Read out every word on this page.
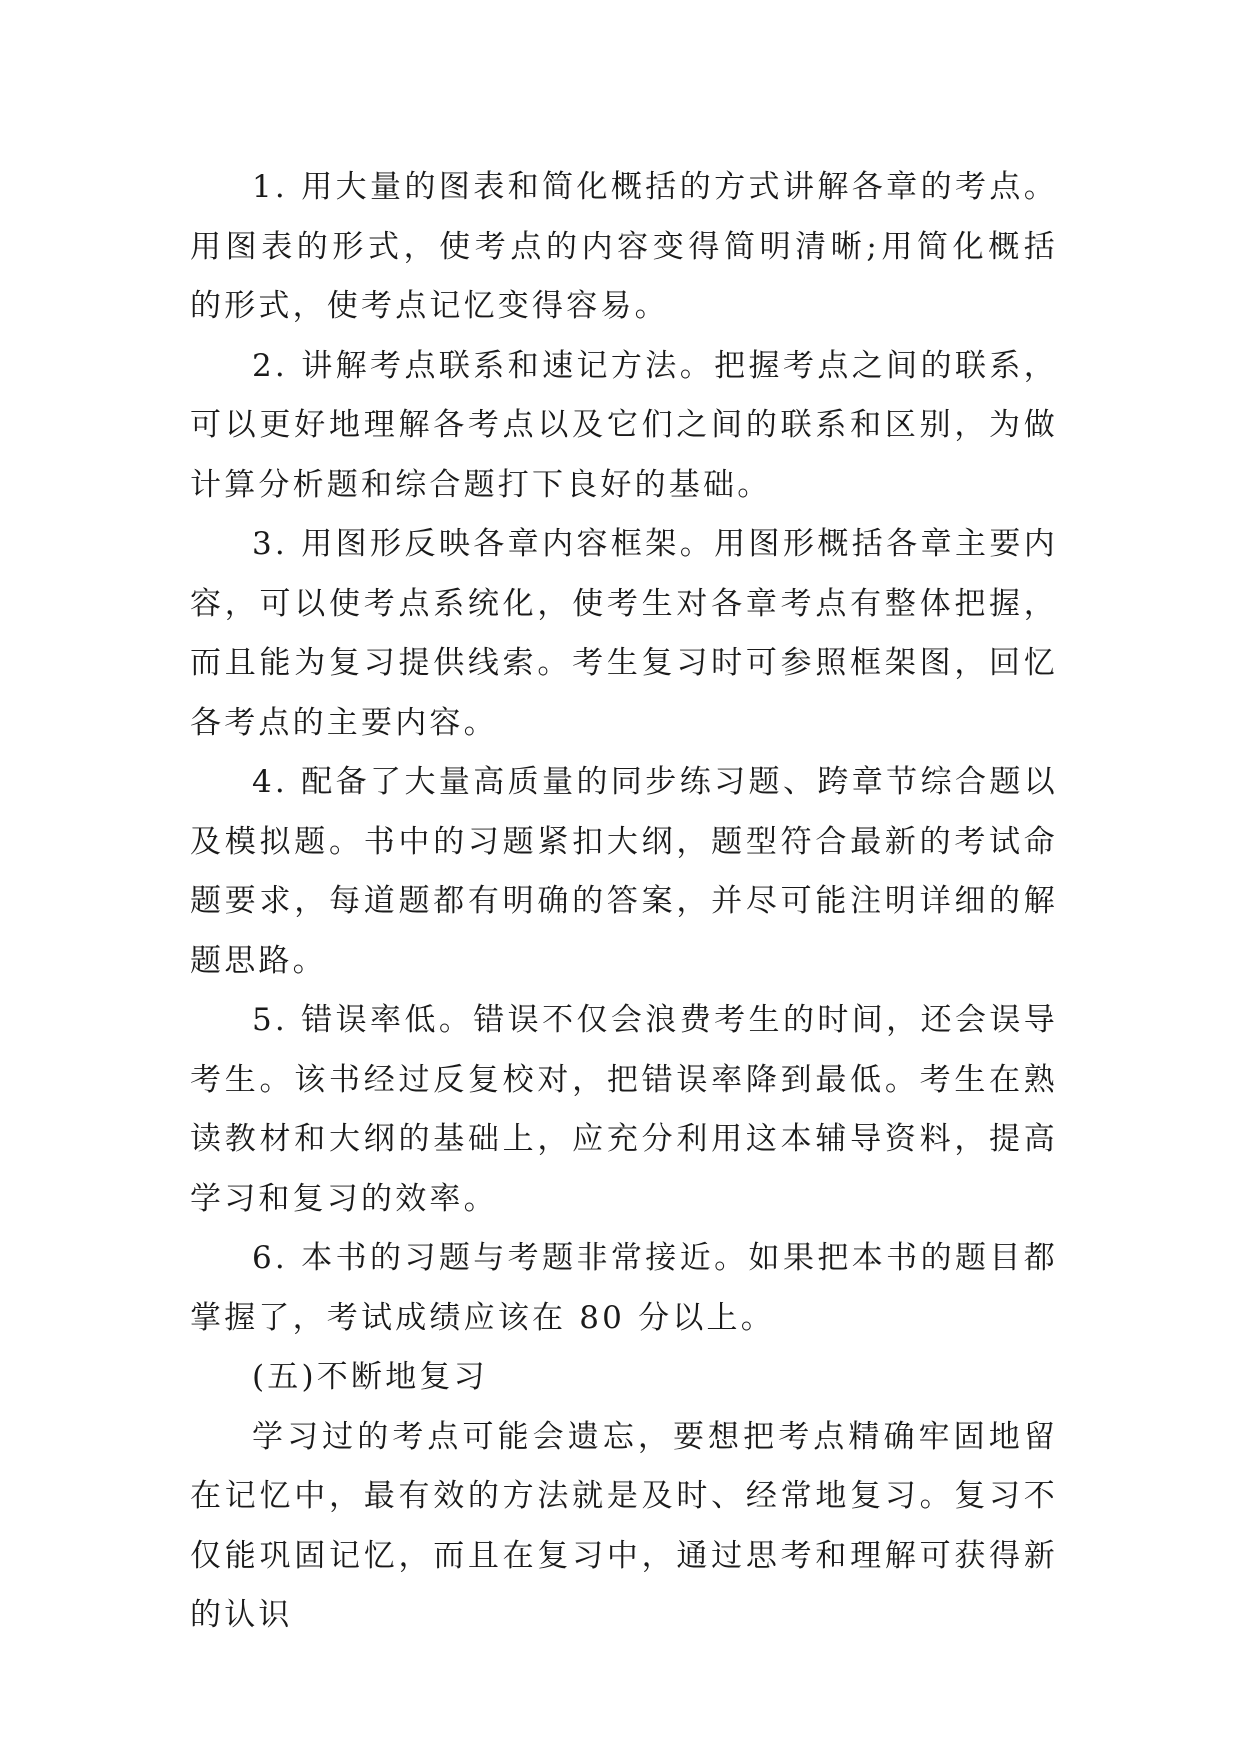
1. 用大量的图表和简化概括的方式讲解各章的考点。用图表的形式，使考点的内容变得简明清晰;用简化概括的形式，使考点记忆变得容易。

2. 讲解考点联系和速记方法。把握考点之间的联系，可以更好地理解各考点以及它们之间的联系和区别，为做计算分析题和综合题打下良好的基础。

3. 用图形反映各章内容框架。用图形概括各章主要内容，可以使考点系统化，使考生对各章考点有整体把握，而且能为复习提供线索。考生复习时可参照框架图，回忆各考点的主要内容。

4. 配备了大量高质量的同步练习题、跨章节综合题以及模拟题。书中的习题紧扣大纲，题型符合最新的考试命题要求，每道题都有明确的答案，并尽可能注明详细的解题思路。

5. 错误率低。错误不仅会浪费考生的时间，还会误导考生。该书经过反复校对，把错误率降到最低。考生在熟读教材和大纲的基础上，应充分利用这本辅导资料，提高学习和复习的效率。

6. 本书的习题与考题非常接近。如果把本书的题目都掌握了，考试成绩应该在 80 分以上。

(五)不断地复习

学习过的考点可能会遗忘，要想把考点精确牢固地留在记忆中，最有效的方法就是及时、经常地复习。复习不仅能巩固记忆，而且在复习中，通过思考和理解可获得新的认识
